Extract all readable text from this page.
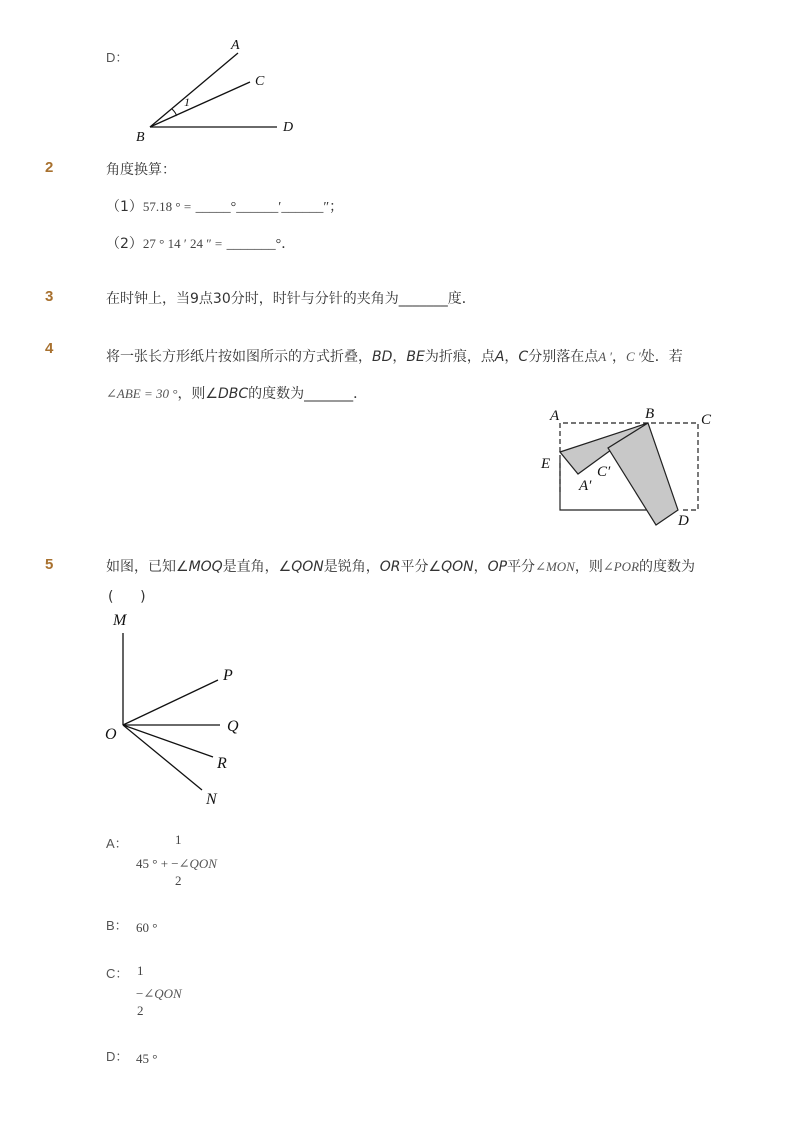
D：
A
C
B
D
1
2	角度换算：
（1）57.18 ° = _____°______′______″；
（2）27 ° 14 ′ 24 ″ = _______°．
3	在时钟上，当9点30分时，时针与分针的夹角为_______度．
4	将一张长方形纸片按如图所示的方式折叠，BD，BE为折痕，点A，C分别落在点A ′，C ′处．若
∠ABE = 30 °，则∠DBC的度数为_______．
A	B	C
E
A′
C′
D
5	如图，已知∠MOQ是直角，∠QON是锐角，OR平分∠QON，OP平分∠MON，则∠POR的度数为
(      )
M
P
O	Q
R
N
A：	1
45 ° + −∠QON
2
B： 60 °
C： 1
−∠QON
2
D： 45 °
